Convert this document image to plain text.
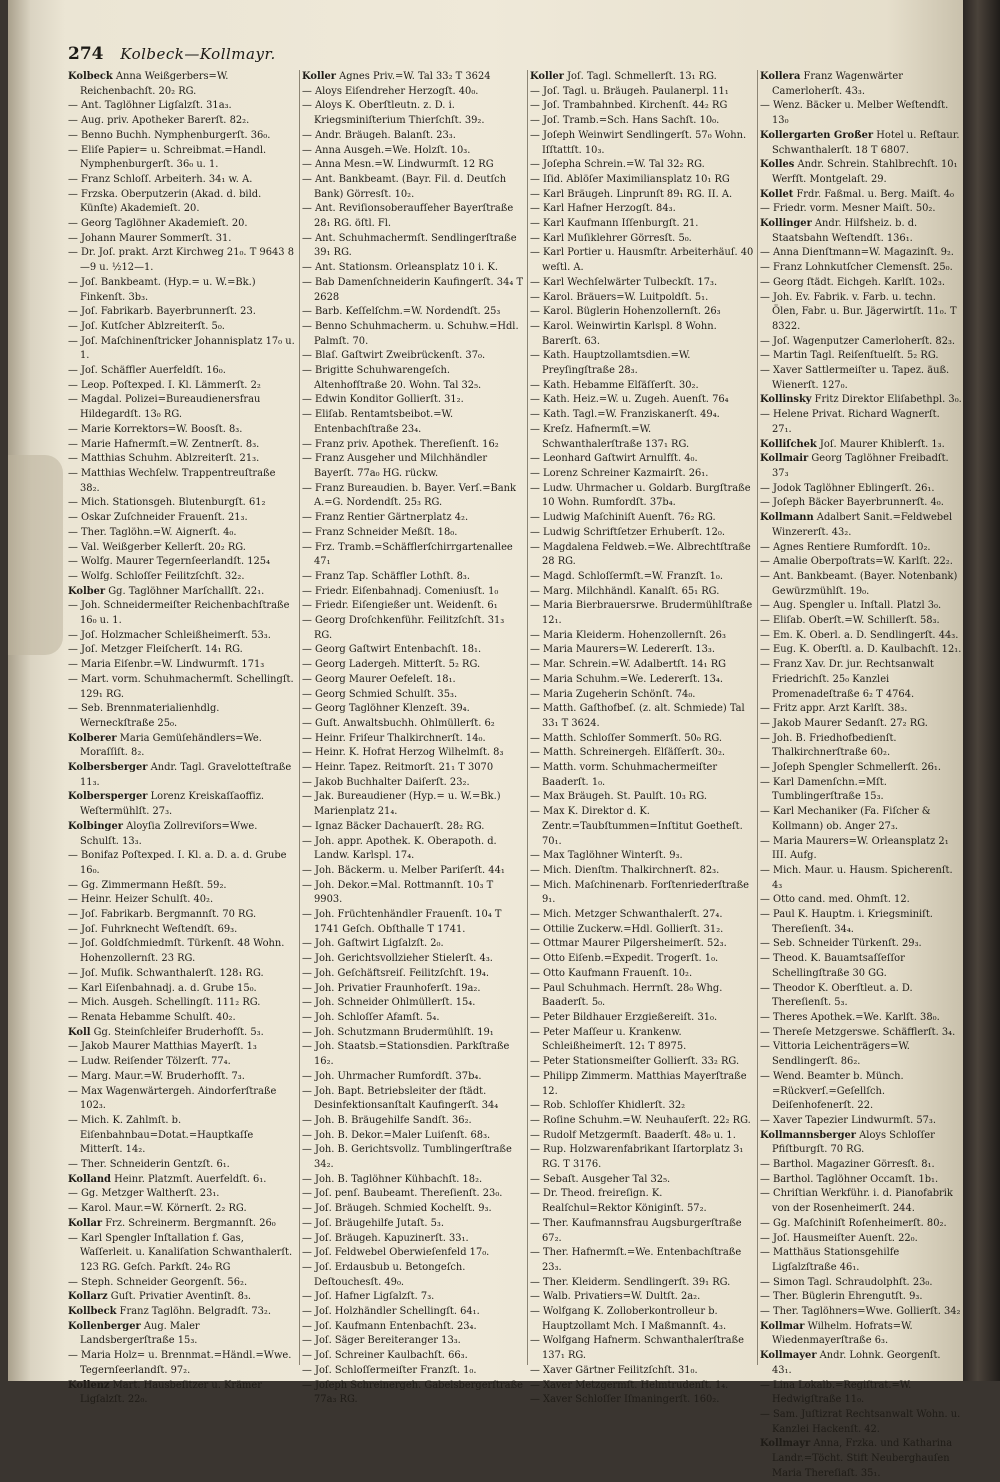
274 Kolbeck—Kollmayr.

Kolbeck Anna Weißgerbers=W. Reichenbachſt. 20₂ RG.

— Ant. Taglöhner Ligſalzſt. 31a₃.

— Aug. priv. Apotheker Barerſt. 82₂.

— Benno Buchh. Nymphenburgerſt. 36₀.

— Eliſe Papier= u. Schreibmat.=Handl. Nymphenburgerſt. 36₀ u. 1.

— Franz Schloſſ. Arbeiterh. 34₁ w. A.

— Frzska. Oberputzerin (Akad. d. bild. Künſte) Akademieſt. 20.

— Georg Taglöhner Akademieſt. 20.

— Johann Maurer Sommerſt. 31.

— Dr. Joſ. prakt. Arzt Kirchweg 21₀. T 9643 8—9 u. ½12—1.

— Joſ. Bankbeamt. (Hyp.= u. W.=Bk.) Finkenſt. 3b₃.

— Joſ. Fabrikarb. Bayerbrunnerſt. 23.

— Joſ. Kutſcher Ablzreiterſt. 5₀.

— Joſ. Maſchinenſtricker Johannisplatz 17₀ u. 1.

— Joſ. Schäffler Auerfeldſt. 16₀.

— Leop. Poſtexped. I. Kl. Lämmerſt. 2₂

— Magdal. Polizei=Bureaudienersfrau Hildegardſt. 13₀ RG.

— Marie Korrektors=W. Boosſt. 8₃.

— Marie Hafnermſt.=W. Zentnerſt. 8₃.

— Matthias Schuhm. Ablzreiterſt. 21₃.

— Matthias Wechſelw. Trappentreuſtraße 38₂.

— Mich. Stationsgeh. Blutenburgſt. 61₂

— Oskar Zuſchneider Frauenſt. 21₃.

— Ther. Taglöhn.=W. Aignerſt. 4₀.

— Val. Weißgerber Kellerſt. 20₂ RG.

— Wolfg. Maurer Tegernſeerlandſt. 125₄

— Wolfg. Schloſſer Feilitzſchſt. 32₂.

Kolber Gg. Taglöhner Marſchallſt. 22₁.

— Joh. Schneidermeiſter Reichenbachſtraße 16₀ u. 1.

— Joſ. Holzmacher Schleißheimerſt. 53₃.

— Joſ. Metzger Fleiſcherſt. 14₁ RG.

— Maria Eiſenbr.=W. Lindwurmſt. 171₃

— Mart. vorm. Schuhmachermſt. Schellingſt. 129₁ RG.

— Seb. Brennmaterialienhdlg. Werneckſtraße 25₀.

Kolberer Maria Gemüſehändlers=We. Moraſſiſt. 8₂.

Kolbersberger Andr. Tagl. Gravelotteſtraße 11₃.

Kolbersperger Lorenz Kreiskaſſaoffiz. Weſtermühlſt. 27₃.

Kolbinger Aloyſia Zollreviſors=Wwe. Schulſt. 13₃.

— Bonifaz Poſtexped. I. Kl. a. D. a. d. Grube 16₀.

— Gg. Zimmermann Heßſt. 59₂.

— Heinr. Heizer Schulſt. 40₂.

— Joſ. Fabrikarb. Bergmannſt. 70 RG.

— Joſ. Fuhrknecht Weſtendſt. 69₃.

— Joſ. Goldſchmiedmſt. Türkenſt. 48 Wohn. Hohenzollernſt. 23 RG.

— Joſ. Muſik. Schwanthalerſt. 128₁ RG.

— Karl Eiſenbahnadj. a. d. Grube 15₀.

— Mich. Ausgeh. Schellingſt. 111₂ RG.

— Renata Hebamme Schulſt. 40₂.

Koll Gg. Steinſchleifer Bruderhofſt. 5₃.

— Jakob Maurer Matthias Mayerſt. 1₃

— Ludw. Reiſender Tölzerſt. 77₄.

— Marg. Maur.=W. Bruderhofſt. 7₃.

— Max Wagenwärtergeh. Aindorferſtraße 102₃.

— Mich. K. Zahlmſt. b. Eiſenbahnbau=Dotat.=Hauptkaſſe Mitterſt. 14₂.

— Ther. Schneiderin Gentzſt. 6₁.

Kolland Heinr. Platzmſt. Auerfeldſt. 6₁.

— Gg. Metzger Waltherſt. 23₁.

— Karol. Maur.=W. Körnerſt. 2₂ RG.

Kollar Frz. Schreinerm. Bergmannſt. 26₀

— Karl Spengler Inſtallation f. Gas, Waſſerleit. u. Kanaliſation Schwanthalerſt. 123 RG. Geſch. Parkſt. 24₀ RG

— Steph. Schneider Georgenſt. 56₂.

Kollarz Guſt. Privatier Aventinſt. 8₃.

Kollbeck Franz Taglöhn. Belgradſt. 73₂.

Kollenberger Aug. Maler Landsbergerſtraße 15₃.

— Maria Holz= u. Brennmat.=Händl.=Wwe. Tegernſeerlandſt. 97₂.

Kollenz Mart. Hausbeſitzer u. Krämer Ligſalzſt. 22₀.

Koller Agnes Priv.=W. Tal 33₂ T 3624

— Aloys Eiſendreher Herzogſt. 40₀.

— Aloys K. Oberſtleutn. z. D. i. Kriegsminiſterium Thierſchſt. 39₂.

— Andr. Bräugeh. Balanſt. 23₃.

— Anna Ausgeh.=We. Holzſt. 10₃.

— Anna Mesn.=W. Lindwurmſt. 12 RG

— Ant. Bankbeamt. (Bayr. Fil. d. Deutſch Bank) Görresſt. 10₂.

— Ant. Reviſionsoberaufſeher Bayerſtraße 28₁ RG. öſtl. Fl.

— Ant. Schuhmachermſt. Sendlingerſtraße 39₁ RG.

— Ant. Stationsm. Orleansplatz 10 i. K.

— Bab Damenſchneiderin Kaufingerſt. 34₄ T 2628

— Barb. Keſſelſchm.=W. Nordendſt. 25₃

— Benno Schuhmacherm. u. Schuhw.=Hdl. Palmſt. 70.

— Blaſ. Gaſtwirt Zweibrückenſt. 37₀.

— Brigitte Schuhwarengeſch. Altenhofſtraße 20. Wohn. Tal 32₅.

— Edwin Konditor Gollierſt. 31₂.

— Eliſab. Rentamtsbeibot.=W. Entenbachſtraße 23₄.

— Franz priv. Apothek. Thereſienſt. 16₂

— Franz Ausgeher und Milchhändler Bayerſt. 77a₀ HG. rückw.

— Franz Bureaudien. b. Bayer. Verſ.=Bank A.=G. Nordendſt. 25₃ RG.

— Franz Rentier Gärtnerplatz 4₂.

— Franz Schneider Meßſt. 18₀.

— Frz. Tramb.=Schäfflerſchirrgartenallee 47₁

— Franz Tap. Schäffler Lothſt. 8₃.

— Friedr. Eiſenbahnadj. Comeniusſt. 1₀

— Friedr. Eiſengießer unt. Weidenſt. 6₁

— Georg Droſchkenführ. Feilitzſchſt. 31₃ RG.

— Georg Gaſtwirt Entenbachſt. 18₁.

— Georg Ladergeh. Mitterſt. 5₂ RG.

— Georg Maurer Oefeleſt. 18₁.

— Georg Schmied Schulſt. 35₃.

— Georg Taglöhner Klenzeſt. 39₄.

— Guſt. Anwaltsbuchh. Ohlmüllerſt. 6₂

— Heinr. Friſeur Thalkirchnerſt. 14₀.

— Heinr. K. Hofrat Herzog Wilhelmſt. 8₃

— Heinr. Tapez. Reitmorſt. 21₁ T 3070

— Jakob Buchhalter Daiſerſt. 23₂.

— Jak. Bureaudiener (Hyp.= u. W.=Bk.) Marienplatz 21₄.

— Ignaz Bäcker Dachauerſt. 28₂ RG.

— Joh. appr. Apothek. K. Oberapoth. d. Landw. Karlspl. 17₄.

— Joh. Bäckerm. u. Melber Pariſerſt. 44₁

— Joh. Dekor.=Mal. Rottmannſt. 10₃ T 9903.

— Joh. Früchtenhändler Frauenſt. 10₄ T 1741 Geſch. Obſthalle T 1741.

— Joh. Gaſtwirt Ligſalzſt. 2₀.

— Joh. Gerichtsvollzieher Stielerſt. 4₃.

— Joh. Geſchäftsreiſ. Feilitzſchſt. 19₄.

— Joh. Privatier Fraunhoferſt. 19a₂.

— Joh. Schneider Ohlmüllerſt. 15₄.

— Joh. Schloſſer Afamſt. 5₄.

— Joh. Schutzmann Brudermühlſt. 19₁

— Joh. Staatsb.=Stationsdien. Parkſtraße 16₂.

— Joh. Uhrmacher Rumfordſt. 37b₄.

— Joh. Bapt. Betriebsleiter der ſtädt. Desinfektionsanſtalt Kaufingerſt. 34₄

— Joh. B. Bräugehilfe Sandſt. 36₂.

— Joh. B. Dekor.=Maler Luiſenſt. 68₃.

— Joh. B. Gerichtsvollz. Tumblingerſtraße 34₂.

— Joh. B. Taglöhner Kühbachſt. 18₂.

— Joſ. penſ. Baubeamt. Thereſienſt. 23₀.

— Joſ. Bräugeh. Schmied Kochelſt. 9₃.

— Joſ. Bräugehilfe Jutaſt. 5₃.

— Joſ. Bräugeh. Kapuzinerſt. 33₁.

— Joſ. Feldwebel Oberwieſenfeld 17₀.

— Joſ. Erdausbub u. Betongeſch. Deſtouchesſt. 49₀.

— Joſ. Hafner Ligſalzſt. 7₃.

— Joſ. Holzhändler Schellingſt. 64₁.

— Joſ. Kaufmann Entenbachſt. 23₄.

— Joſ. Säger Bereiteranger 13₃.

— Joſ. Schreiner Kaulbachſt. 66₃.

— Joſ. Schloſſermeiſter Franzſt. 1₀.

— Joſeph Schreinergeh. Gabelsbergerſtraße 77a₃ RG.

Koller Joſ. Tagl. Schmellerſt. 13₁ RG.

— Joſ. Tagl. u. Bräugeh. Paulanerpl. 11₁

— Joſ. Trambahnbed. Kirchenſt. 44₂ RG

— Joſ. Tramb.=Sch. Hans Sachſt. 10₀.

— Joſeph Weinwirt Sendlingerſt. 57₀ Wohn. Iſſtattſt. 10₃.

— Joſepha Schrein.=W. Tal 32₂ RG.

— Iſid. Ablöſer Maximiliansplatz 10₁ RG

— Karl Bräugeh. Linprunſt 89₁ RG. II. A.

— Karl Hafner Herzogſt. 84₃.

— Karl Kaufmann Iſſenburgſt. 21.

— Karl Muſiklehrer Görresſt. 5₀.

— Karl Portier u. Hausmſtr. Arbeiterhäuſ. 40 weſtl. A.

— Karl Wechſelwärter Tulbeckſt. 17₃.

— Karol. Bräuers=W. Luitpoldſt. 5₁.

— Karol. Büglerin Hohenzollernſt. 26₃

— Karol. Weinwirtin Karlspl. 8 Wohn. Barerſt. 63.

— Kath. Hauptzollamtsdien.=W. Preyſingſtraße 28₃.

— Kath. Hebamme Elſäſſerſt. 30₂.

— Kath. Heiz.=W. u. Zugeh. Auenſt. 76₄

— Kath. Tagl.=W. Franziskanerſt. 49₄.

— Kreſz. Hafnermſt.=W. Schwanthalerſtraße 137₁ RG.

— Leonhard Gaſtwirt Arnulfſt. 4₀.

— Lorenz Schreiner Kazmairſt. 26₁.

— Ludw. Uhrmacher u. Goldarb. Burgſtraße 10 Wohn. Rumfordſt. 37b₄.

— Ludwig Maſchiniſt Auenſt. 76₂ RG.

— Ludwig Schriftſetzer Erhuberſt. 12₀.

— Magdalena Feldweb.=We. Albrechtſtraße 28 RG.

— Magd. Schloſſermſt.=W. Franzſt. 1₀.

— Marg. Milchhändl. Kanalſt. 65₁ RG.

— Maria Bierbrauersrwe. Brudermühlſtraße 12₁.

— Maria Kleiderm. Hohenzollernſt. 26₃

— Maria Maurers=W. Ledererſt. 13₃.

— Mar. Schrein.=W. Adalbertſt. 14₁ RG

— Maria Schuhm.=We. Ledererſt. 13₄.

— Maria Zugeherin Schönſt. 74₀.

— Matth. Gaſthofbeſ. (z. alt. Schmiede) Tal 33₁ T 3624.

— Matth. Schloſſer Sommerſt. 50₀ RG.

— Matth. Schreinergeh. Elſäſſerſt. 30₂.

— Matth. vorm. Schuhmachermeiſter Baaderſt. 1₀.

— Max Bräugeh. St. Paulſt. 10₃ RG.

— Max K. Direktor d. K. Zentr.=Taubſtummen=Inſtitut Goetheſt. 70₁.

— Max Taglöhner Winterſt. 9₃.

— Mich. Dienſtm. Thalkirchnerſt. 82₃.

— Mich. Maſchinenarb. Forſtenriederſtraße 9₁.

— Mich. Metzger Schwanthalerſt. 27₄.

— Ottilie Zuckerw.=Hdl. Gollierſt. 31₂.

— Ottmar Maurer Pilgersheimerſt. 52₃.

— Otto Eiſenb.=Expedit. Trogerſt. 1₀.

— Otto Kaufmann Frauenſt. 10₂.

— Paul Schuhmach. Herrnſt. 28₀ Whg. Baaderſt. 5₀.

— Peter Bildhauer Erzgießereiſt. 31₀.

— Peter Maſſeur u. Krankenw. Schleißheimerſt. 12₁ T 8975.

— Peter Stationsmeiſter Gollierſt. 33₂ RG.

— Philipp Zimmerm. Matthias Mayerſtraße 12.

— Rob. Schloſſer Khidlerſt. 32₂

— Roſine Schuhm.=W. Neuhauſerſt. 22₂ RG.

— Rudolf Metzgermſt. Baaderſt. 48₀ u. 1.

— Rup. Holzwarenfabrikant Iſartorplatz 3₁ RG. T 3176.

— Sebaſt. Ausgeher Tal 32₅.

— Dr. Theod. freireſign. K. Realſchul=Rektor Königinſt. 57₂.

— Ther. Kaufmannsfrau Augsburgerſtraße 67₂.

— Ther. Hafnermſt.=We. Entenbachſtraße 23₃.

— Ther. Kleiderm. Sendlingerſt. 39₁ RG.

— Walb. Privatiers=W. Dultſt. 2a₂.

— Wolfgang K. Zolloberkontrolleur b. Hauptzollamt Mch. I Maßmannſt. 4₃.

— Wolfgang Hafnerm. Schwanthalerſtraße 137₁ RG.

— Xaver Gärtner Feilitzſchſt. 31₀.

— Xaver Metzgermſt. Helmtrudenſt. 1₄.

— Xaver Schloſſer Iſmaningerſt. 160₂.

Kollera Franz Wagenwärter Camerloherſt. 43₃.

— Wenz. Bäcker u. Melber Weſtendſt. 13₀

Kollergarten Großer Hotel u. Reſtaur. Schwanthalerſt. 18 T 6807.

Kolles Andr. Schrein. Stahlbrechſt. 10₁ Werfſt. Montgelaſt. 29.

Kollet Frdr. Faßmal. u. Berg. Maiſt. 4₀

— Friedr. vorm. Mesner Maiſt. 50₂.

Kollinger Andr. Hilfsheiz. b. d. Staatsbahn Weſtendſt. 136₁.

— Anna Dienſtmann=W. Magazinſt. 9₂.

— Franz Lohnkutſcher Clemensſt. 25₀.

— Georg ſtädt. Eichgeh. Karlſt. 102₃.

— Joh. Ev. Fabrik. v. Farb. u. techn. Ölen, Fabr. u. Bur. Jägerwirtſt. 11₀. T 8322.

— Joſ. Wagenputzer Camerloherſt. 82₃.

— Martin Tagl. Reiſenſtuelſt. 5₂ RG.

— Xaver Sattlermeiſter u. Tapez. äuß. Wienerſt. 127₀.

Kollinsky Fritz Direktor Eliſabethpl. 3₀.

— Helene Privat. Richard Wagnerſt. 27₁.

Kolliſchek Joſ. Maurer Khiblerſt. 1₃.

Kollmair Georg Taglöhner Freibadſt. 37₃

— Jodok Taglöhner Eblingerſt. 26₁.

— Joſeph Bäcker Bayerbrunnerſt. 4₀.

Kollmann Adalbert Sanit.=Feldwebel Winzererſt. 43₂.

— Agnes Rentiere Rumfordſt. 10₂.

— Amalie Oberpoſtrats=W. Karlſt. 22₂.

— Ant. Bankbeamt. (Bayer. Notenbank) Gewürzmühlſt. 19₀.

— Aug. Spengler u. Inſtall. Platzl 3₀.

— Eliſab. Oberſt.=W. Schillerſt. 58₃.

— Em. K. Oberl. a. D. Sendlingerſt. 44₃.

— Eug. K. Oberſtl. a. D. Kaulbachſt. 12₁.

— Franz Xav. Dr. jur. Rechtsanwalt Friedrichſt. 25₀ Kanzlei Promenadeſtraße 6₂ T 4764.

— Fritz appr. Arzt Karlſt. 38₃.

— Jakob Maurer Sedanſt. 27₂ RG.

— Joh. B. Friedhofbedienſt. Thalkirchnerſtraße 60₂.

— Joſeph Spengler Schmellerſt. 26₁.

— Karl Damenſchn.=Mſt. Tumblingerſtraße 15₃.

— Karl Mechaniker (Fa. Fiſcher & Kollmann) ob. Anger 27₃.

— Maria Maurers=W. Orleansplatz 2₁ III. Aufg.

— Mich. Maur. u. Hausm. Spicherenſt. 4₃

— Otto cand. med. Ohmſt. 12.

— Paul K. Hauptm. i. Kriegsminiſt. Thereſienſt. 34₄.

— Seb. Schneider Türkenſt. 29₃.

— Theod. K. Bauamtsaſſeſſor Schellingſtraße 30 GG.

— Theodor K. Oberſtleut. a. D. Thereſienſt. 5₃.

— Theres Apothek.=We. Karlſt. 38₀.

— Thereſe Metzgerswe. Schäfflerſt. 3₄.

— Vittoria Leichenträgers=W. Sendlingerſt. 86₂.

— Wend. Beamter b. Münch. =Rückverſ.=Geſellſch. Deiſenhofenerſt. 22.

— Xaver Tapezier Lindwurmſt. 57₃.

Kollmannsberger Aloys Schloſſer Pfiſtburgſt. 70 RG.

— Barthol. Magaziner Görresſt. 8₁.

— Barthol. Taglöhner Occamſt. 1b₁.

— Chriſtian Werkführ. i. d. Pianofabrik von der Rosenheimerſt. 244.

— Gg. Maſchiniſt Roſenheimerſt. 80₂.

— Joſ. Hausmeiſter Auenſt. 22₀.

— Matthäus Stationsgehilfe Ligſalzſtraße 46₁.

— Simon Tagl. Schraudolphſt. 23₀.

— Ther. Büglerin Ehrengutſt. 9₃.

— Ther. Taglöhners=Wwe. Gollierſt. 34₂

Kollmar Wilhelm. Hofrats=W. Wiedenmayerſtraße 6₃.

Kollmayer Andr. Lohnk. Georgenſt. 43₁.

— Lina Lokalb.=Regiſtrat.=W. Hedwigſtraße 11₀.

— Sam. Juſtizrat Rechtsanwalt Wohn. u. Kanzlei Hackenſt. 42.

Kollmayr Anna, Frzka. und Katharina Landr.=Töcht. Stift Neuberghauſen Maria Thereſiaſt. 35₁.
